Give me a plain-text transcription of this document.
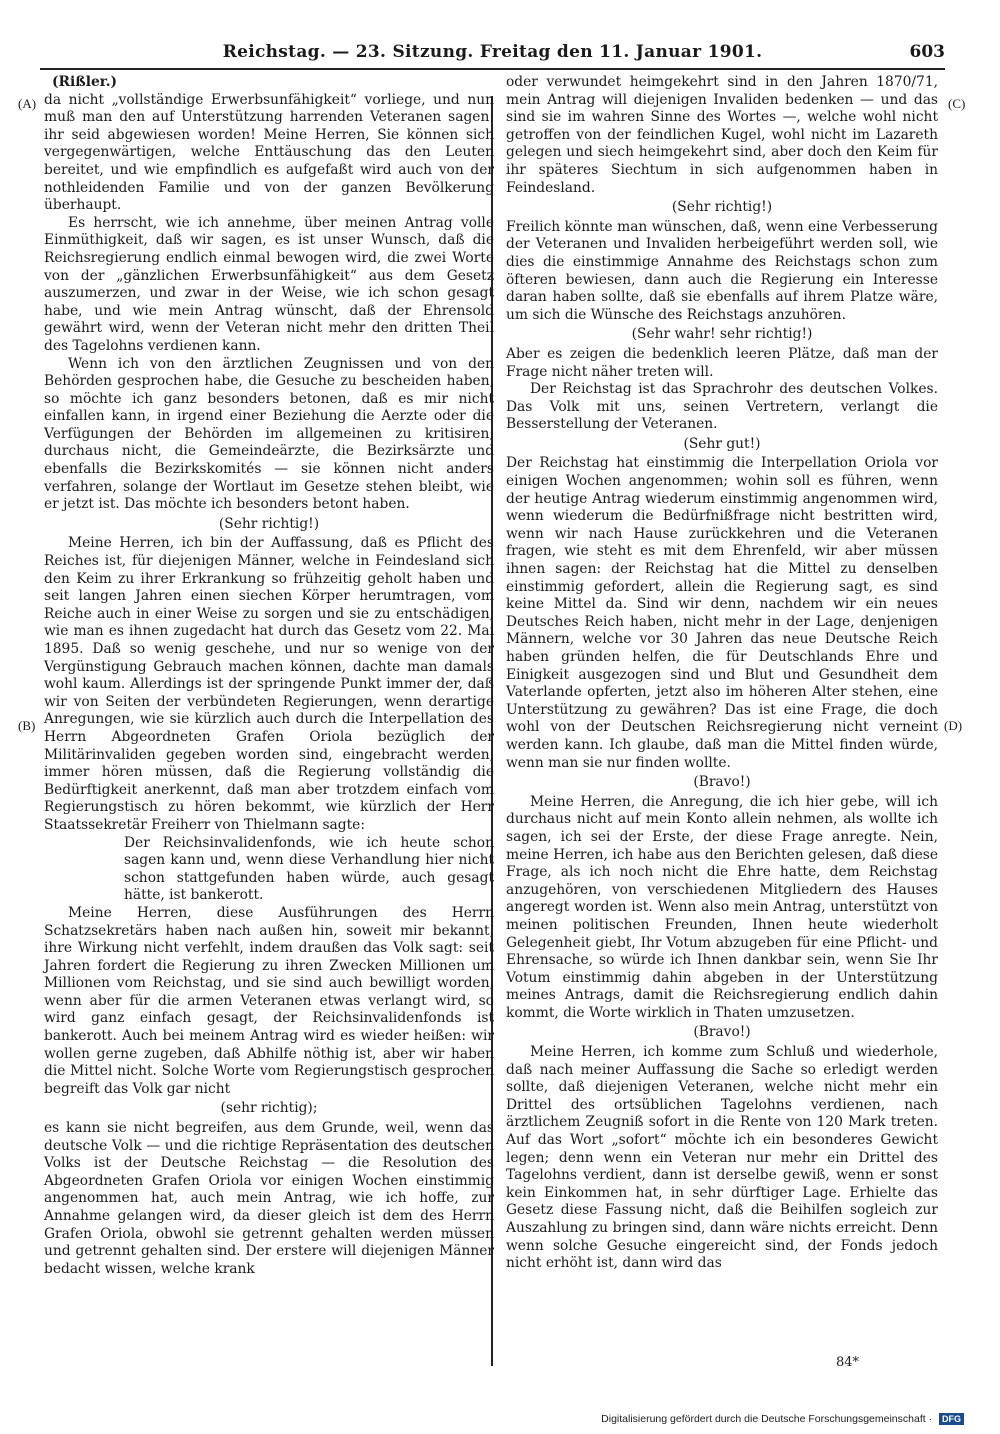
Reichstag. — 23. Sitzung. Freitag den 11. Januar 1901.	603
(A)
(B)
(C)
(D)
(Rißler.)

da nicht „vollständige Erwerbsunfähigkeit“ vorliege, und nun muß man den auf Unterstützung harrenden Veteranen sagen: ihr seid abgewiesen worden! Meine Herren, Sie können sich vergegenwärtigen, welche Enttäuschung das den Leuten bereitet, und wie empfindlich es aufgefaßt wird auch von der nothleidenden Familie und von der ganzen Bevölkerung überhaupt.

Es herrscht, wie ich annehme, über meinen Antrag volle Einmüthigkeit, daß wir sagen, es ist unser Wunsch, daß die Reichsregierung endlich einmal bewogen wird, die zwei Worte von der „gänzlichen Erwerbsunfähigkeit“ aus dem Gesetz auszumerzen, und zwar in der Weise, wie ich schon gesagt habe, und wie mein Antrag wünscht, daß der Ehrensold gewährt wird, wenn der Veteran nicht mehr den dritten Theil des Tagelohns verdienen kann.

Wenn ich von den ärztlichen Zeugnissen und von den Behörden gesprochen habe, die Gesuche zu bescheiden haben, so möchte ich ganz besonders betonen, daß es mir nicht einfallen kann, in irgend einer Beziehung die Aerzte oder die Verfügungen der Behörden im allgemeinen zu kritisiren; durchaus nicht, die Gemeindeärzte, die Bezirksärzte und ebenfalls die Bezirkskomités — sie können nicht anders verfahren, solange der Wortlaut im Gesetze stehen bleibt, wie er jetzt ist. Das möchte ich besonders betont haben.

(Sehr richtig!)

Meine Herren, ich bin der Auffassung, daß es Pflicht des Reiches ist, für diejenigen Männer, welche in Feindesland sich den Keim zu ihrer Erkrankung so frühzeitig geholt haben und seit langen Jahren einen siechen Körper herumtragen, vom Reiche auch in einer Weise zu sorgen und sie zu entschädigen, wie man es ihnen zugedacht hat durch das Gesetz vom 22. Mai 1895. Daß so wenig geschehe, und nur so wenige von der Vergünstigung Gebrauch machen können, dachte man damals wohl kaum. Allerdings ist der springende Punkt immer der, daß wir von Seiten der verbündeten Regierungen, wenn derartige Anregungen, wie sie kürzlich auch durch die Interpellation des Herrn Abgeordneten Grafen Oriola bezüglich der Militärinvaliden gegeben worden sind, eingebracht werden, immer hören müssen, daß die Regierung vollständig die Bedürftigkeit anerkennt, daß man aber trotzdem einfach vom Regierungstisch zu hören bekommt, wie kürzlich der Herr Staatssekretär Freiherr von Thielmann sagte:

Der Reichsinvalidenfonds, wie ich heute schon sagen kann und, wenn diese Verhandlung hier nicht schon stattgefunden haben würde, auch gesagt hätte, ist bankerott.

Meine Herren, diese Ausführungen des Herrn Schatzsekretärs haben nach außen hin, soweit mir bekannt, ihre Wirkung nicht verfehlt, indem draußen das Volk sagt: seit Jahren fordert die Regierung zu ihren Zwecken Millionen um Millionen vom Reichstag, und sie sind auch bewilligt worden, wenn aber für die armen Veteranen etwas verlangt wird, so wird ganz einfach gesagt, der Reichsinvalidenfonds ist bankerott. Auch bei meinem Antrag wird es wieder heißen: wir wollen gerne zugeben, daß Abhilfe nöthig ist, aber wir haben die Mittel nicht. Solche Worte vom Regierungstisch gesprochen begreift das Volk gar nicht

(sehr richtig);

es kann sie nicht begreifen, aus dem Grunde, weil, wenn das deutsche Volk — und die richtige Repräsentation des deutschen Volks ist der Deutsche Reichstag — die Resolution des Abgeordneten Grafen Oriola vor einigen Wochen einstimmig angenommen hat, auch mein Antrag, wie ich hoffe, zur Annahme gelangen wird, da dieser gleich ist dem des Herrn Grafen Oriola, obwohl sie getrennt gehalten werden müssen und getrennt gehalten sind. Der erstere will diejenigen Männer bedacht wissen, welche krank

oder verwundet heimgekehrt sind in den Jahren 1870/71, mein Antrag will diejenigen Invaliden bedenken — und das sind sie im wahren Sinne des Wortes —, welche wohl nicht getroffen von der feindlichen Kugel, wohl nicht im Lazareth gelegen und siech heimgekehrt sind, aber doch den Keim für ihr späteres Siechtum in sich aufgenommen haben in Feindesland.

(Sehr richtig!)

Freilich könnte man wünschen, daß, wenn eine Verbesserung der Veteranen und Invaliden herbeigeführt werden soll, wie dies die einstimmige Annahme des Reichstags schon zum öfteren bewiesen, dann auch die Regierung ein Interesse daran haben sollte, daß sie ebenfalls auf ihrem Platze wäre, um sich die Wünsche des Reichstags anzuhören.

(Sehr wahr! sehr richtig!)

Aber es zeigen die bedenklich leeren Plätze, daß man der Frage nicht näher treten will.

Der Reichstag ist das Sprachrohr des deutschen Volkes. Das Volk mit uns, seinen Vertretern, verlangt die Besserstellung der Veteranen.

(Sehr gut!)

Der Reichstag hat einstimmig die Interpellation Oriola vor einigen Wochen angenommen; wohin soll es führen, wenn der heutige Antrag wiederum einstimmig angenommen wird, wenn wiederum die Bedürfnißfrage nicht bestritten wird, wenn wir nach Hause zurückkehren und die Veteranen fragen, wie steht es mit dem Ehrenfeld, wir aber müssen ihnen sagen: der Reichstag hat die Mittel zu denselben einstimmig gefordert, allein die Regierung sagt, es sind keine Mittel da. Sind wir denn, nachdem wir ein neues Deutsches Reich haben, nicht mehr in der Lage, denjenigen Männern, welche vor 30 Jahren das neue Deutsche Reich haben gründen helfen, die für Deutschlands Ehre und Einigkeit ausgezogen sind und Blut und Gesundheit dem Vaterlande opferten, jetzt also im höheren Alter stehen, eine Unterstützung zu gewähren? Das ist eine Frage, die doch wohl von der Deutschen Reichsregierung nicht verneint werden kann. Ich glaube, daß man die Mittel finden würde, wenn man sie nur finden wollte.

(Bravo!)

Meine Herren, die Anregung, die ich hier gebe, will ich durchaus nicht auf mein Konto allein nehmen, als wollte ich sagen, ich sei der Erste, der diese Frage anregte. Nein, meine Herren, ich habe aus den Berichten gelesen, daß diese Frage, als ich noch nicht die Ehre hatte, dem Reichstag anzugehören, von verschiedenen Mitgliedern des Hauses angeregt worden ist. Wenn also mein Antrag, unterstützt von meinen politischen Freunden, Ihnen heute wiederholt Gelegenheit giebt, Ihr Votum abzugeben für eine Pflicht- und Ehrensache, so würde ich Ihnen dankbar sein, wenn Sie Ihr Votum einstimmig dahin abgeben in der Unterstützung meines Antrags, damit die Reichsregierung endlich dahin kommt, die Worte wirklich in Thaten umzusetzen.

(Bravo!)

Meine Herren, ich komme zum Schluß und wiederhole, daß nach meiner Auffassung die Sache so erledigt werden sollte, daß diejenigen Veteranen, welche nicht mehr ein Drittel des ortsüblichen Tagelohns verdienen, nach ärztlichem Zeugniß sofort in die Rente von 120 Mark treten. Auf das Wort „sofort“ möchte ich ein besonderes Gewicht legen; denn wenn ein Veteran nur mehr ein Drittel des Tagelohns verdient, dann ist derselbe gewiß, wenn er sonst kein Einkommen hat, in sehr dürftiger Lage. Erhielte das Gesetz diese Fassung nicht, daß die Beihilfen sogleich zur Auszahlung zu bringen sind, dann wäre nichts erreicht. Denn wenn solche Gesuche eingereicht sind, der Fonds jedoch nicht erhöht ist, dann wird das

84*
Digitalisierung gefördert durch die Deutsche Forschungsgemeinschaft · DFG
